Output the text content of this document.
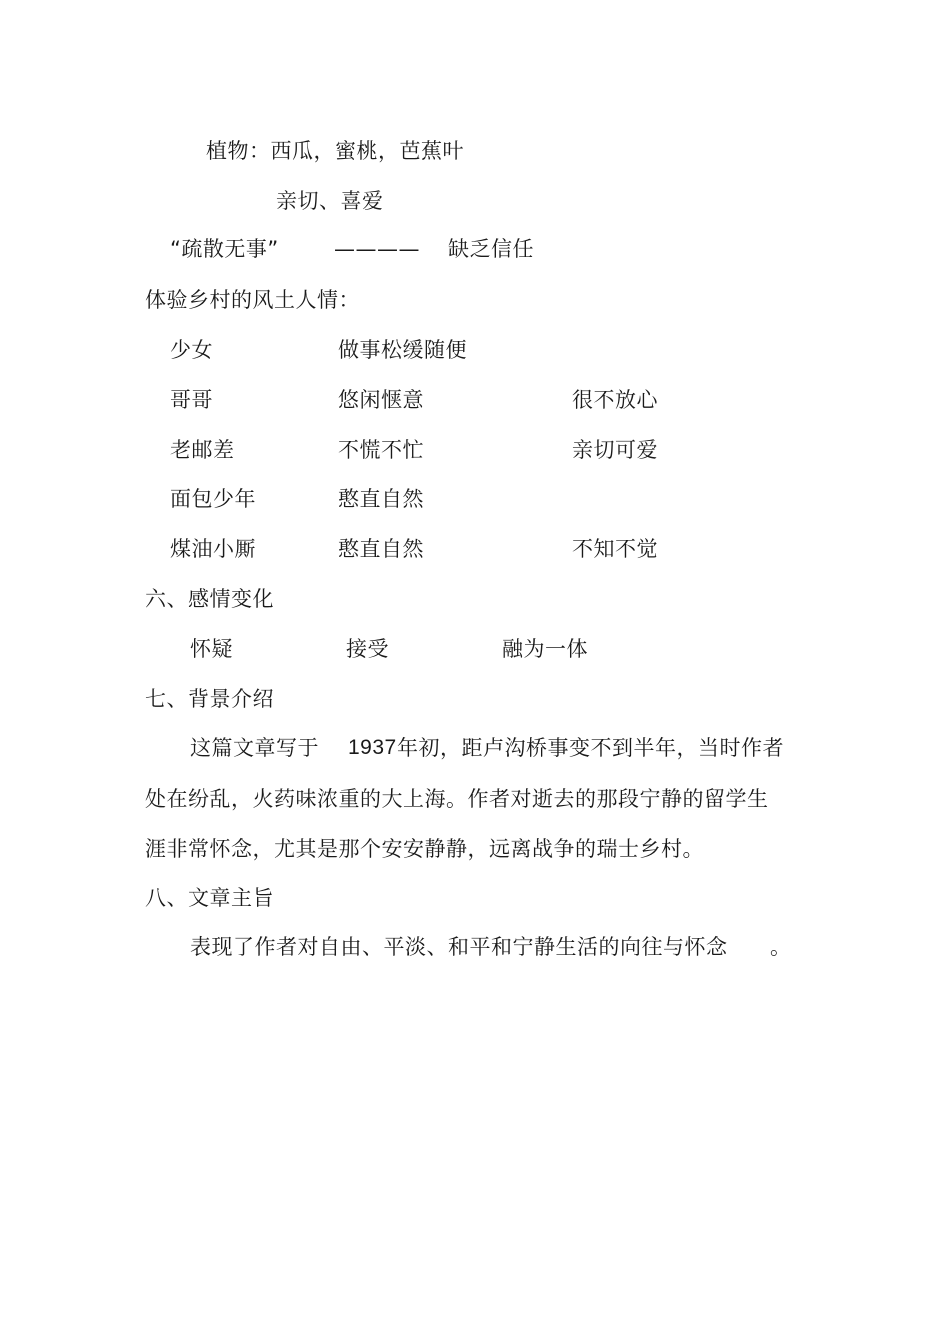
植物：西瓜，蜜桃，芭蕉叶
亲切、喜爱
“疏散无事”	———— 缺乏信任
体验乡村的风土人情：
少女	做事松缓随便
哥哥	悠闲惬意	很不放心
老邮差	不慌不忙	亲切可爱
面包少年	憨直自然
煤油小厮	憨直自然	不知不觉
六、感情变化
怀疑	接受	融为一体
七、背景介绍
这篇文章写于 1937 年初，距卢沟桥事变不到半年，当时作者
处在纷乱，火药味浓重的大上海。作者对逝去的那段宁静的留学生
涯非常怀念，尤其是那个安安静静，远离战争的瑞士乡村。
八、文章主旨
表现了作者对自由、平淡、和平和宁静生活的向往与怀念 。
